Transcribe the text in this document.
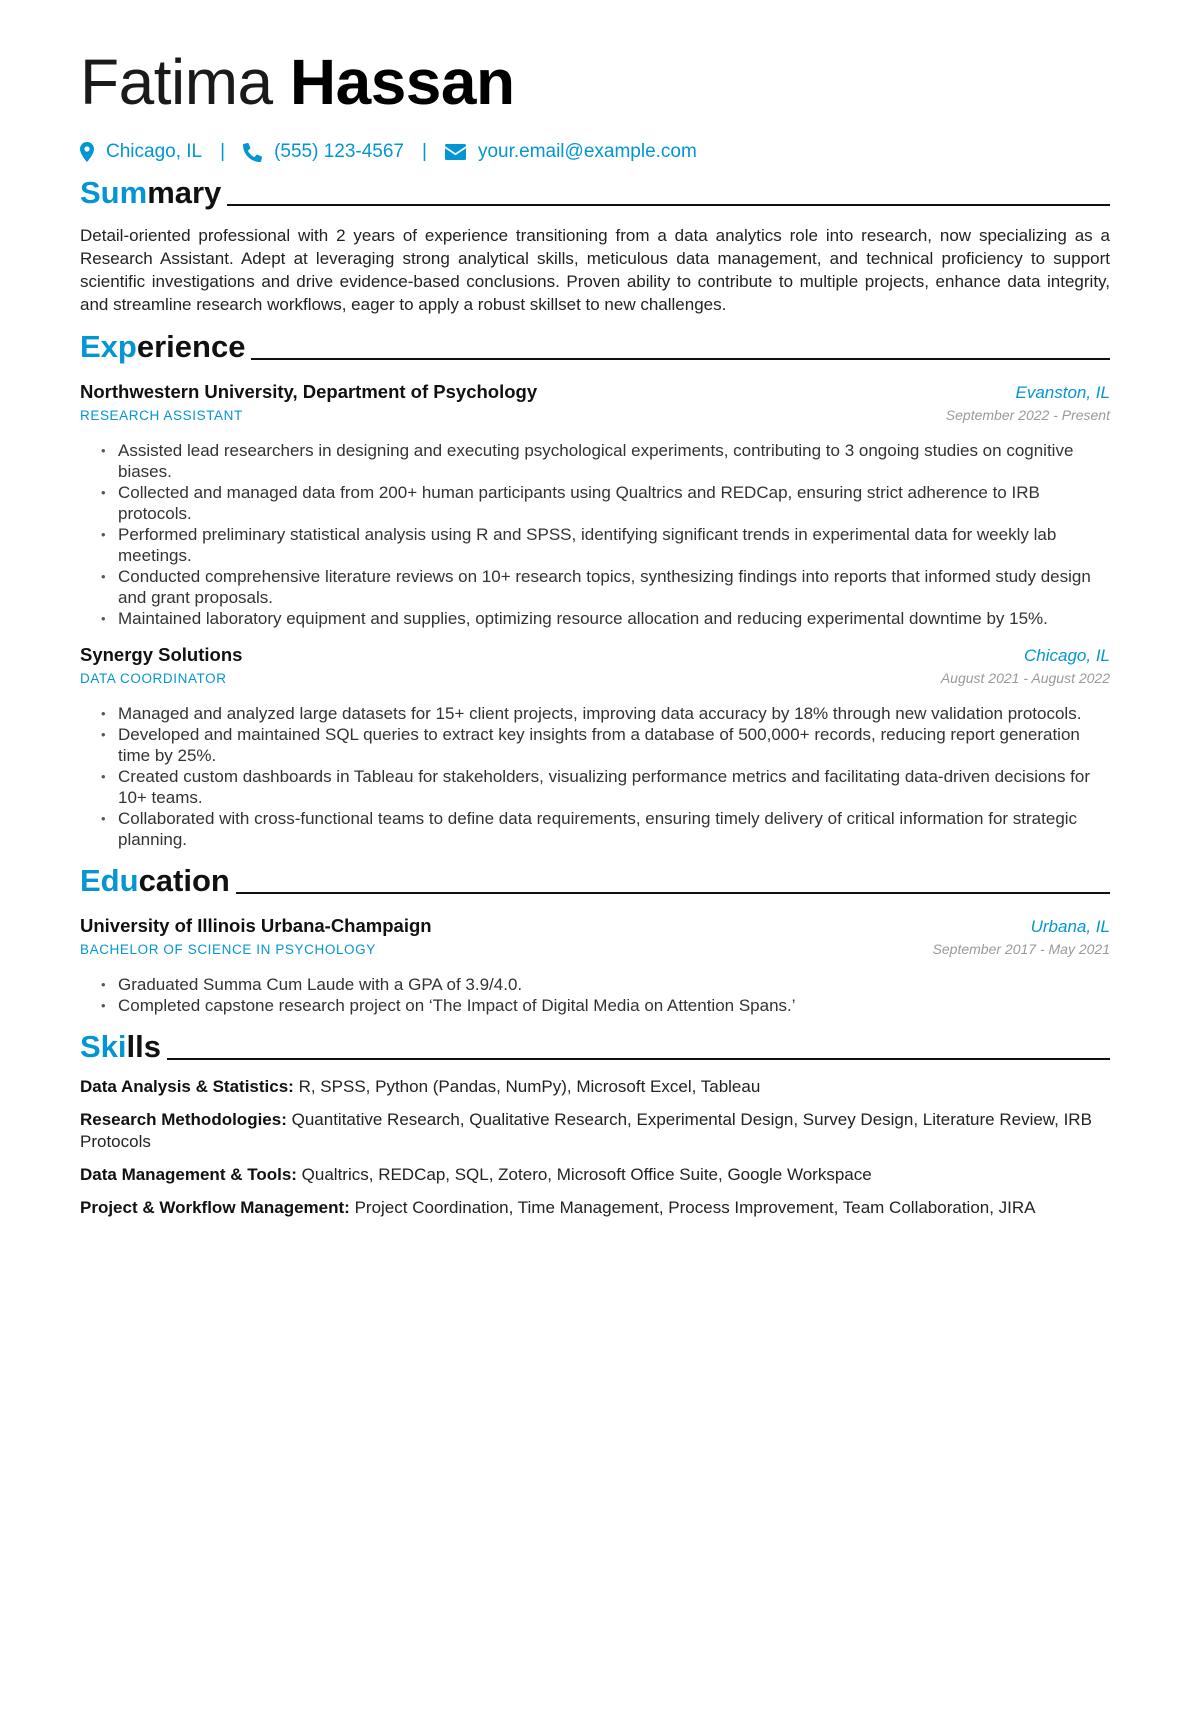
Fatima Hassan
Chicago, IL |	(555) 123-4567 |	your.email@example.com
Summary
Detail-oriented professional with 2 years of experience transitioning from a data analytics role into research, now specializing as a Research Assistant. Adept at leveraging strong analytical skills, meticulous data management, and technical proficiency to support scientific investigations and drive evidence-based conclusions. Proven ability to contribute to multiple projects, enhance data integrity, and streamline research workflows, eager to apply a robust skillset to new challenges.
Experience
Northwestern University, Department of Psychology	Evanston, IL
RESEARCH ASSISTANT	September 2022 - Present
• Assisted lead researchers in designing and executing psychological experiments, contributing to 3 ongoing studies on cognitive biases.
• Collected and managed data from 200+ human participants using Qualtrics and REDCap, ensuring strict adherence to IRB protocols.
• Performed preliminary statistical analysis using R and SPSS, identifying significant trends in experimental data for weekly lab meetings.
• Conducted comprehensive literature reviews on 10+ research topics, synthesizing findings into reports that informed study design and grant proposals.
• Maintained laboratory equipment and supplies, optimizing resource allocation and reducing experimental downtime by 15%.
Synergy Solutions	Chicago, IL
DATA COORDINATOR	August 2021 - August 2022
• Managed and analyzed large datasets for 15+ client projects, improving data accuracy by 18% through new validation protocols.
• Developed and maintained SQL queries to extract key insights from a database of 500,000+ records, reducing report generation time by 25%.
• Created custom dashboards in Tableau for stakeholders, visualizing performance metrics and facilitating data-driven decisions for 10+ teams.
• Collaborated with cross-functional teams to define data requirements, ensuring timely delivery of critical information for strategic planning.
Education
University of Illinois Urbana-Champaign	Urbana, IL
BACHELOR OF SCIENCE IN PSYCHOLOGY	September 2017 - May 2021
• Graduated Summa Cum Laude with a GPA of 3.9/4.0.
• Completed capstone research project on ‘The Impact of Digital Media on Attention Spans.’
Skills
Data Analysis & Statistics: R, SPSS, Python (Pandas, NumPy), Microsoft Excel, Tableau
Research Methodologies: Quantitative Research, Qualitative Research, Experimental Design, Survey Design, Literature Review, IRB Protocols
Data Management & Tools: Qualtrics, REDCap, SQL, Zotero, Microsoft Office Suite, Google Workspace
Project & Workflow Management: Project Coordination, Time Management, Process Improvement, Team Collaboration, JIRA
